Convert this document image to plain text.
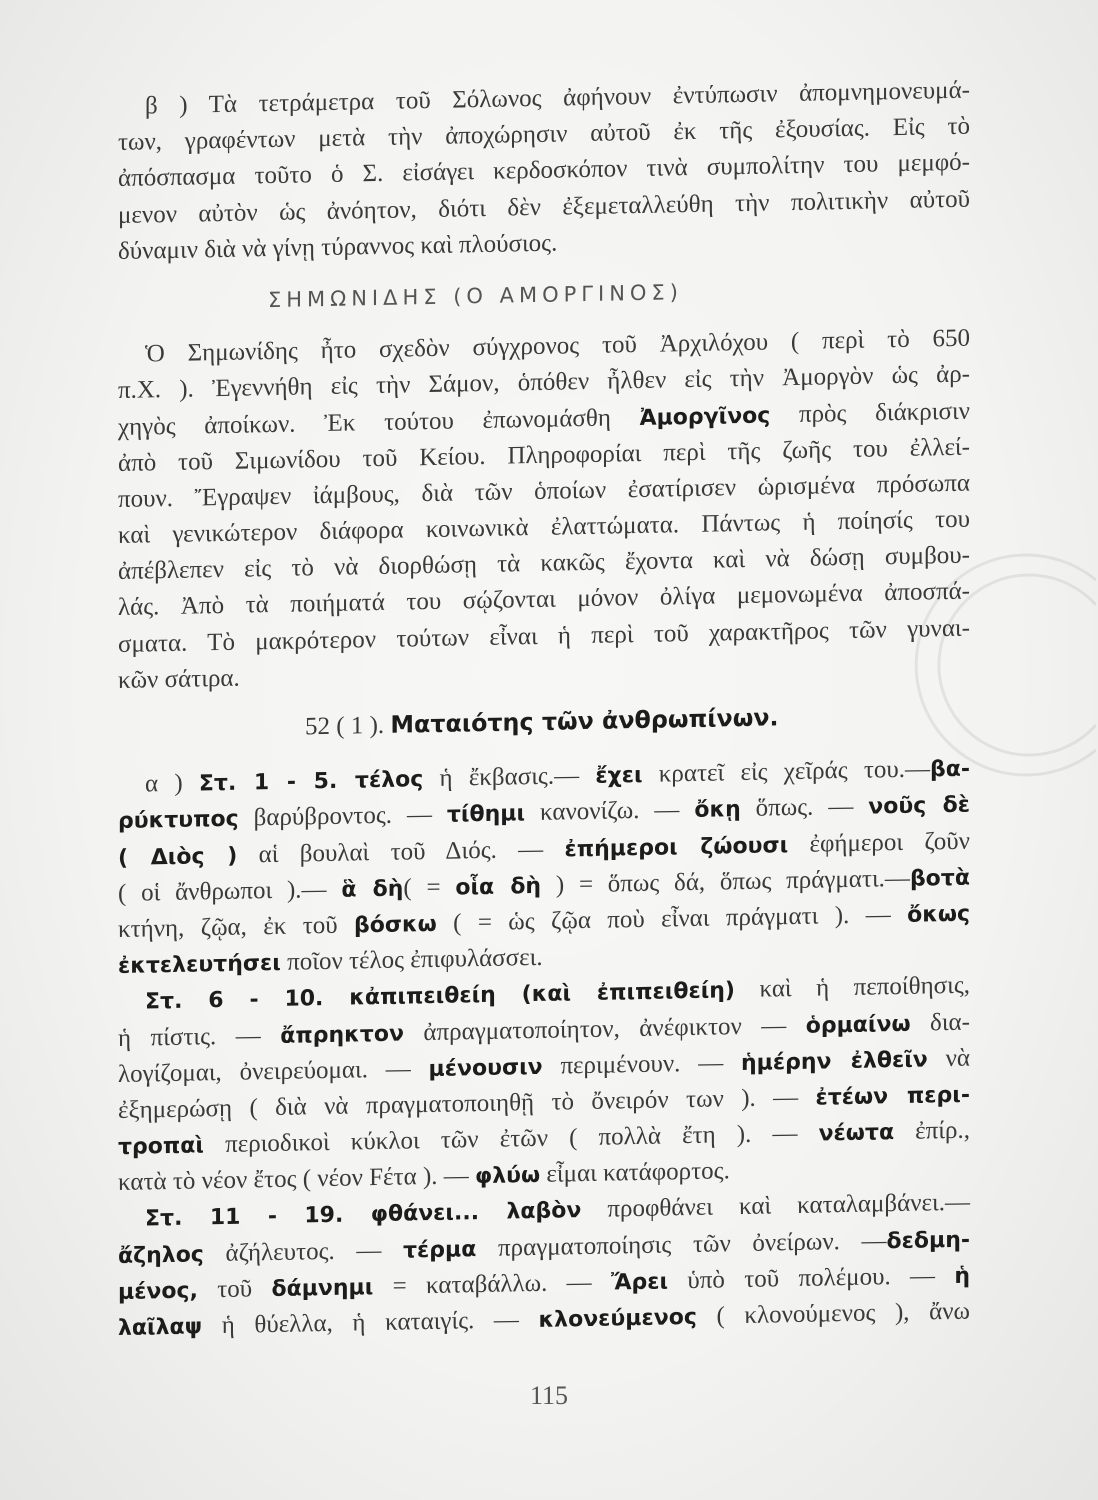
β ) Τὰ τετράμετρα τοῦ Σόλωνος ἀφήνουν ἐντύπωσιν ἀπομνημονευμά-
των, γραφέντων μετὰ τὴν ἀποχώρησιν αὐτοῦ ἐκ τῆς ἐξουσίας. Εἰς τὸ
ἀπόσπασμα τοῦτο ὁ Σ. εἰσάγει κερδοσκόπον τινὰ συμπολίτην του μεμφό-
μενον αὐτὸν ὡς ἀνόητον, διότι δὲν ἐξεμεταλλεύθη τὴν πολιτικὴν αὐτοῦ
δύναμιν διὰ νὰ γίνῃ τύραννος καὶ πλούσιος.
ΣΗΜΩΝΙΔΗΣ (Ο ΑΜΟΡΓΙΝΟΣ)
Ὁ Σημωνίδης ἦτο σχεδὸν σύγχρονος τοῦ Ἀρχιλόχου ( περὶ τὸ 650
π.Χ. ). Ἐγεννήθη εἰς τὴν Σάμον, ὁπόθεν ἦλθεν εἰς τὴν Ἀμοργὸν ὡς ἀρ-
χηγὸς ἀποίκων. Ἐκ τούτου ἐπωνομάσθη Ἀμοργῖνος πρὸς διάκρισιν
ἀπὸ τοῦ Σιμωνίδου τοῦ Κείου. Πληροφορίαι περὶ τῆς ζωῆς του ἐλλεί-
πουν. Ἔγραψεν ἰάμβους, διὰ τῶν ὁποίων ἐσατίρισεν ὡρισμένα πρόσωπα
καὶ γενικώτερον διάφορα κοινωνικὰ ἐλαττώματα. Πάντως ἡ ποίησίς του
ἀπέβλεπεν εἰς τὸ νὰ διορθώσῃ τὰ κακῶς ἔχοντα καὶ νὰ δώσῃ συμβου-
λάς. Ἀπὸ τὰ ποιήματά του σῴζονται μόνον ὀλίγα μεμονωμένα ἀποσπά-
σματα. Τὸ μακρότερον τούτων εἶναι ἡ περὶ τοῦ χαρακτῆρος τῶν γυναι-
κῶν σάτιρα.
52 ( 1 ). Ματαιότης τῶν ἀνθρωπίνων.
α ) Στ. 1 - 5. τέλος ἡ ἔκβασις.— ἔχει κρατεῖ εἰς χεῖράς του.—βα-
ρύκτυπος βαρύβροντος. — τίθημι κανονίζω. — ὄκῃ ὅπως. — νοῦς δὲ
( Διὸς ) αἱ βουλαὶ τοῦ Διός. — ἐπήμεροι ζώουσι ἐφήμεροι ζοῦν
( οἱ ἄνθρωποι ).— ἃ δὴ( = οἷα δὴ ) = ὅπως δά, ὅπως πράγματι.—βοτὰ
κτήνη, ζῷα, ἐκ τοῦ βόσκω ( = ὡς ζῷα ποὺ εἶναι πράγματι ). — ὄκως
ἐκτελευτήσει ποῖον τέλος ἐπιφυλάσσει.
Στ. 6 - 10. κἀπιπειθείη (καὶ ἐπιπειθείη) καὶ ἡ πεποίθησις,
ἡ πίστις. — ἄπρηκτον ἀπραγματοποίητον, ἀνέφικτον — ὁρμαίνω δια-
λογίζομαι, ὀνειρεύομαι. — μένουσιν περιμένουν. — ἡμέρην ἐλθεῖν νὰ
ἐξημερώσῃ ( διὰ νὰ πραγματοποιηθῇ τὸ ὄνειρόν των ). — ἐτέων περι-
τροπαὶ περιοδικοὶ κύκλοι τῶν ἐτῶν ( πολλὰ ἔτη ). — νέωτα ἐπίρ.,
κατὰ τὸ νέον ἔτος ( νέον Fέτα ). — φλύω εἶμαι κατάφορτος.
Στ. 11 - 19. φθάνει... λαβὸν προφθάνει καὶ καταλαμβάνει.—
ἄζηλος ἀζήλευτος. — τέρμα πραγματοποίησις τῶν ὀνείρων. —δεδμη-
μένος, τοῦ δάμνημι = καταβάλλω. — Ἄρει ὑπὸ τοῦ πολέμου. — ἡ
λαῖλαψ ἡ θύελλα, ἡ καταιγίς. — κλονεύμενος ( κλονούμενος ), ἄνω
115
